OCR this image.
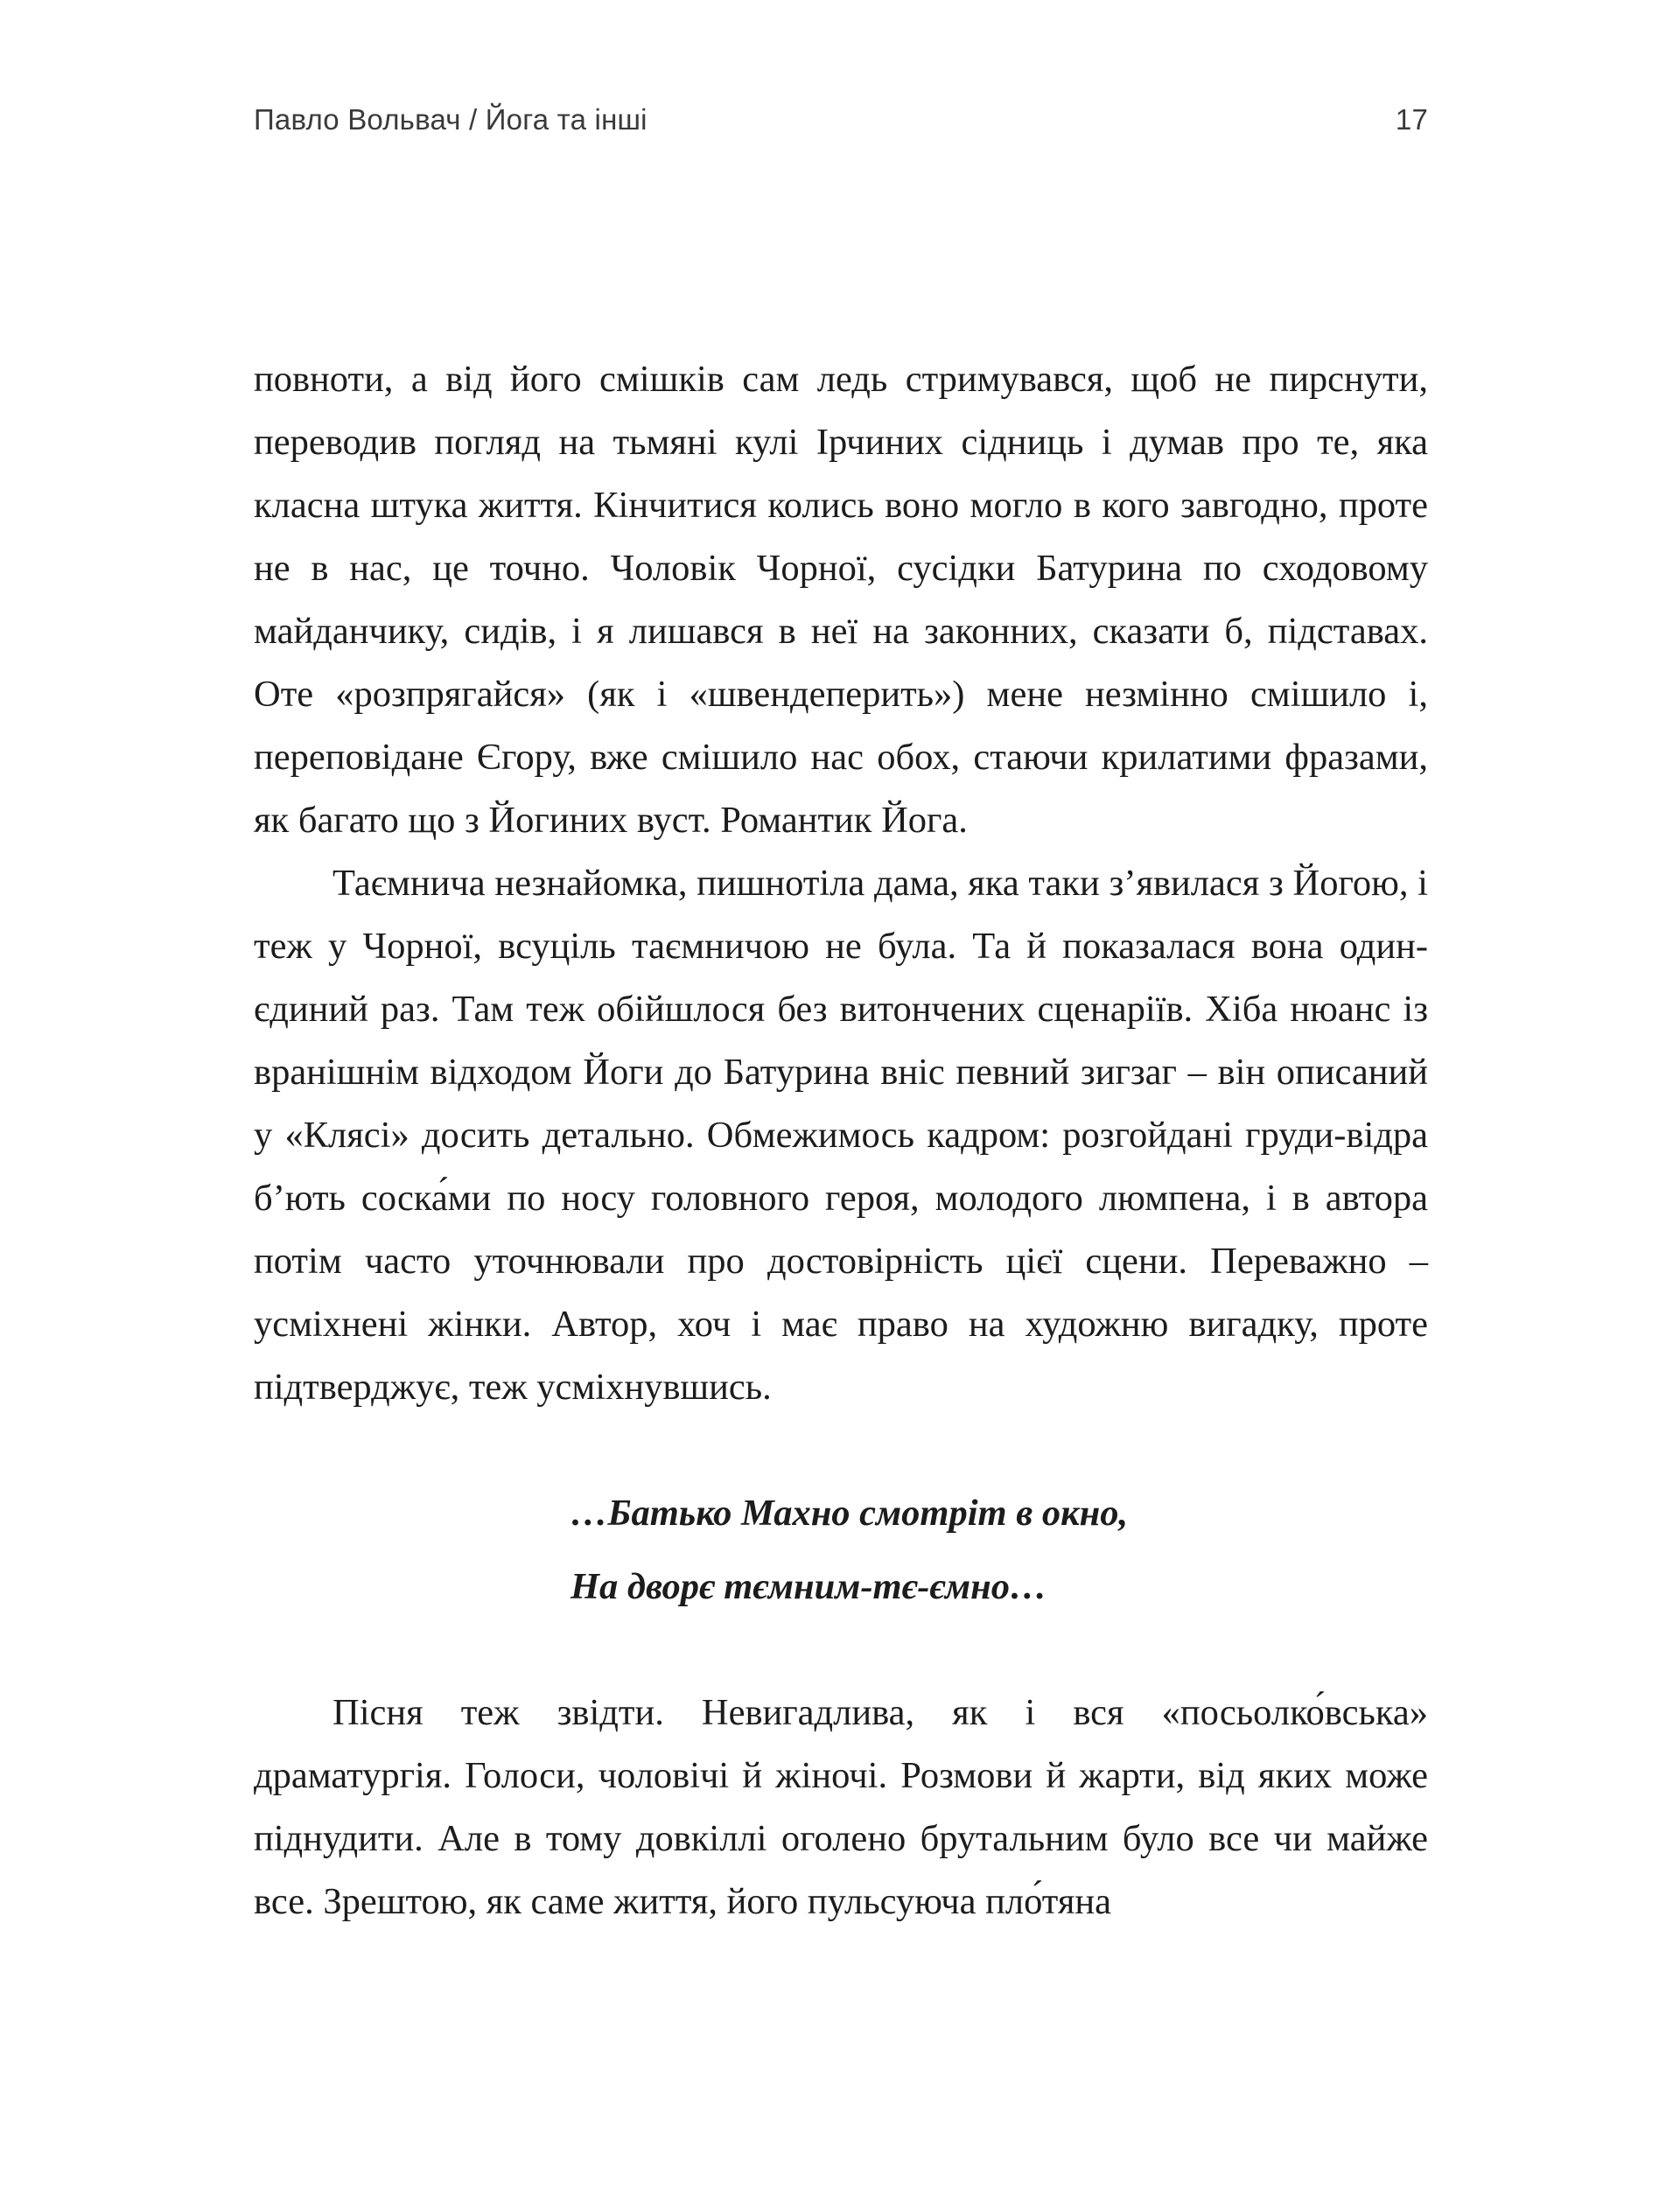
Павло Вольвач / Йога та інші	17

повноти, а від його смішків сам ледь стримувався, щоб не пирснути, переводив погляд на тьмяні кулі Ірчиних сідниць і думав про те, яка класна штука життя. Кінчитися колись воно могло в кого завгодно, проте не в нас, це точно. Чоловік Чорної, сусідки Батурина по сходовому майданчику, сидів, і я лишався в неї на законних, сказати б, підставах. Оте «розпрягайся» (як і «швендеперить») мене незмінно смішило і, переповідане Єгору, вже смішило нас обох, стаючи крилатими фразами, як багато що з Йогиних вуст. Романтик Йога.

Таємнича незнайомка, пишнотіла дама, яка таки з’явилася з Йогою, і теж у Чорної, всуціль таємничою не була. Та й показалася вона один-єдиний раз. Там теж обійшлося без витончених сценаріїв. Хіба нюанс із вранішнім відходом Йоги до Батурина вніс певний зигзаг – він описаний у «Клясі» досить детально. Обмежимось кадром: розгойдані груди-відра б’ють соска́ми по носу головного героя, молодого люмпена, і в автора потім часто уточнювали про достовірність цієї сцени. Переважно – усміхнені жінки. Автор, хоч і має право на художню вигадку, проте підтверджує, теж усміхнувшись.

…Батько Махно смотріт в окно,

На дворє тємним-тє-ємно…

Пісня теж звідти. Невигадлива, як і вся «посьолко́вська» драматургія. Голоси, чоловічі й жіночі. Розмови й жарти, від яких може піднудити. Але в тому довкіллі оголено брутальним було все чи майже все. Зрештою, як саме життя, його пульсуюча пло́тяна
